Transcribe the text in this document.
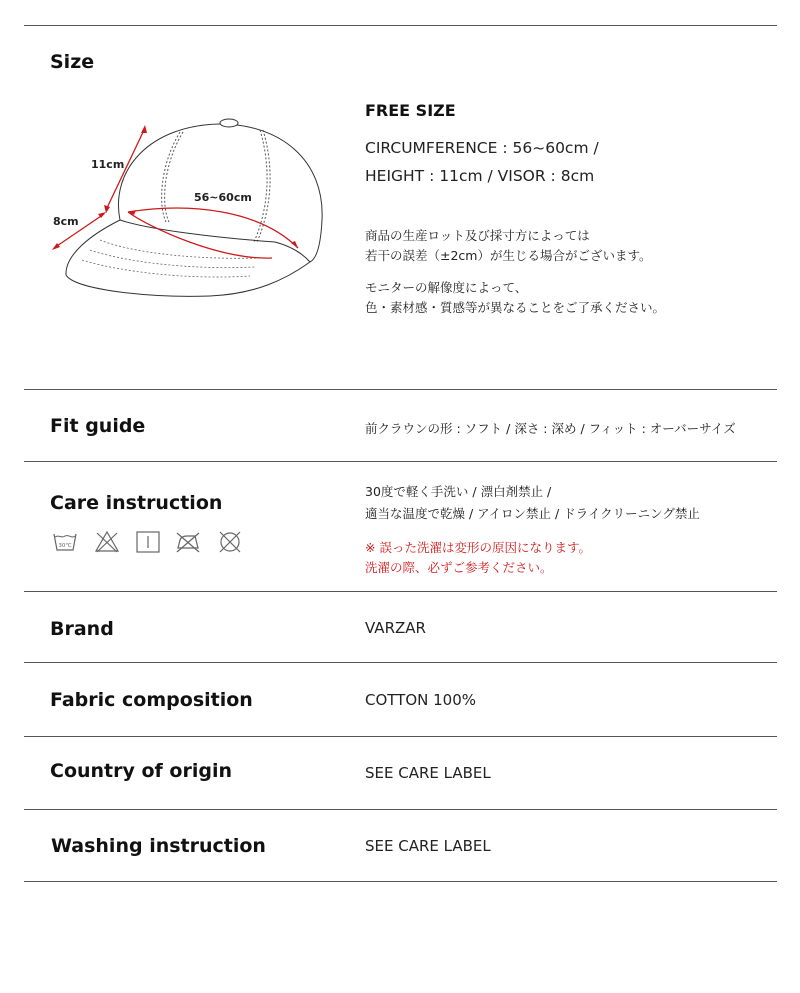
Size
11cm
8cm
56~60cm
FREE SIZE
CIRCUMFERENCE : 56~60cm /
HEIGHT : 11cm / VISOR : 8cm
商品の生産ロット及び採寸方によっては
若干の誤差（±2cm）が生じる場合がございます。
モニターの解像度によって、
色・素材感・質感等が異なることをご了承ください。
Fit guide	前クラウンの形 : ソフト / 深さ : 深め / フィット : オーバーサイズ
Care instruction
30度で軽く手洗い / 漂白剤禁止 /
適当な温度で乾燥 / アイロン禁止 / ドライクリーニング禁止
※ 誤った洗濯は変形の原因になります。
洗濯の際、必ずご参考ください。
30℃
Brand	VARZAR
Fabric composition	COTTON 100%
Country of origin	SEE CARE LABEL
Washing instruction	SEE CARE LABEL
